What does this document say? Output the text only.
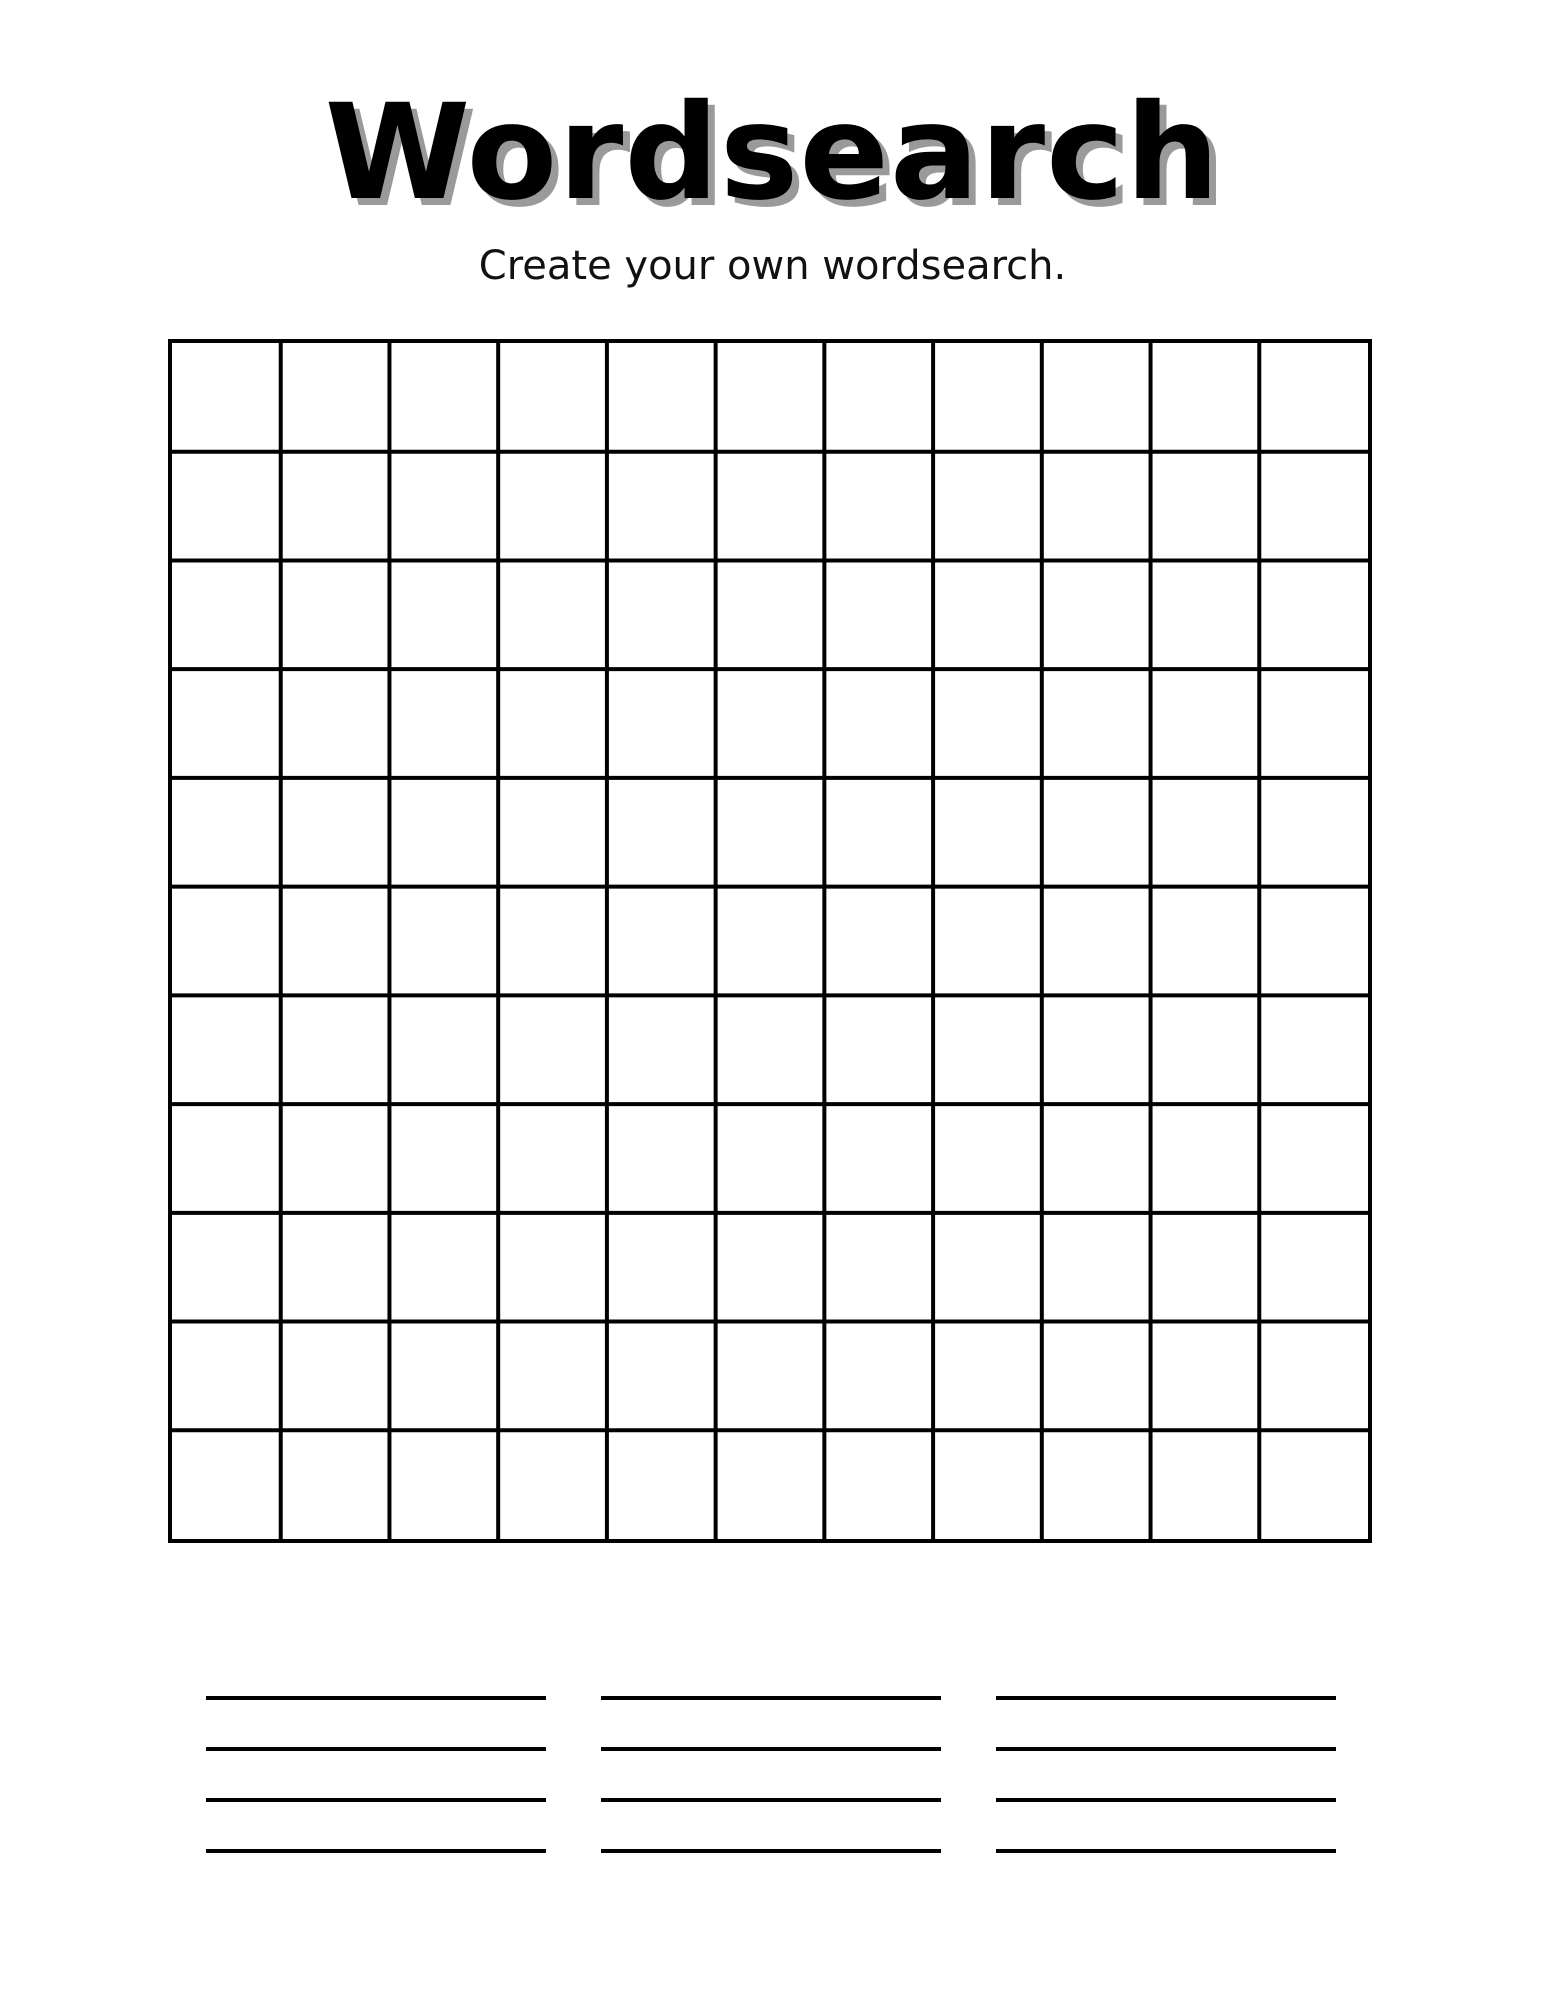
Wordsearch
Create your own wordsearch.
